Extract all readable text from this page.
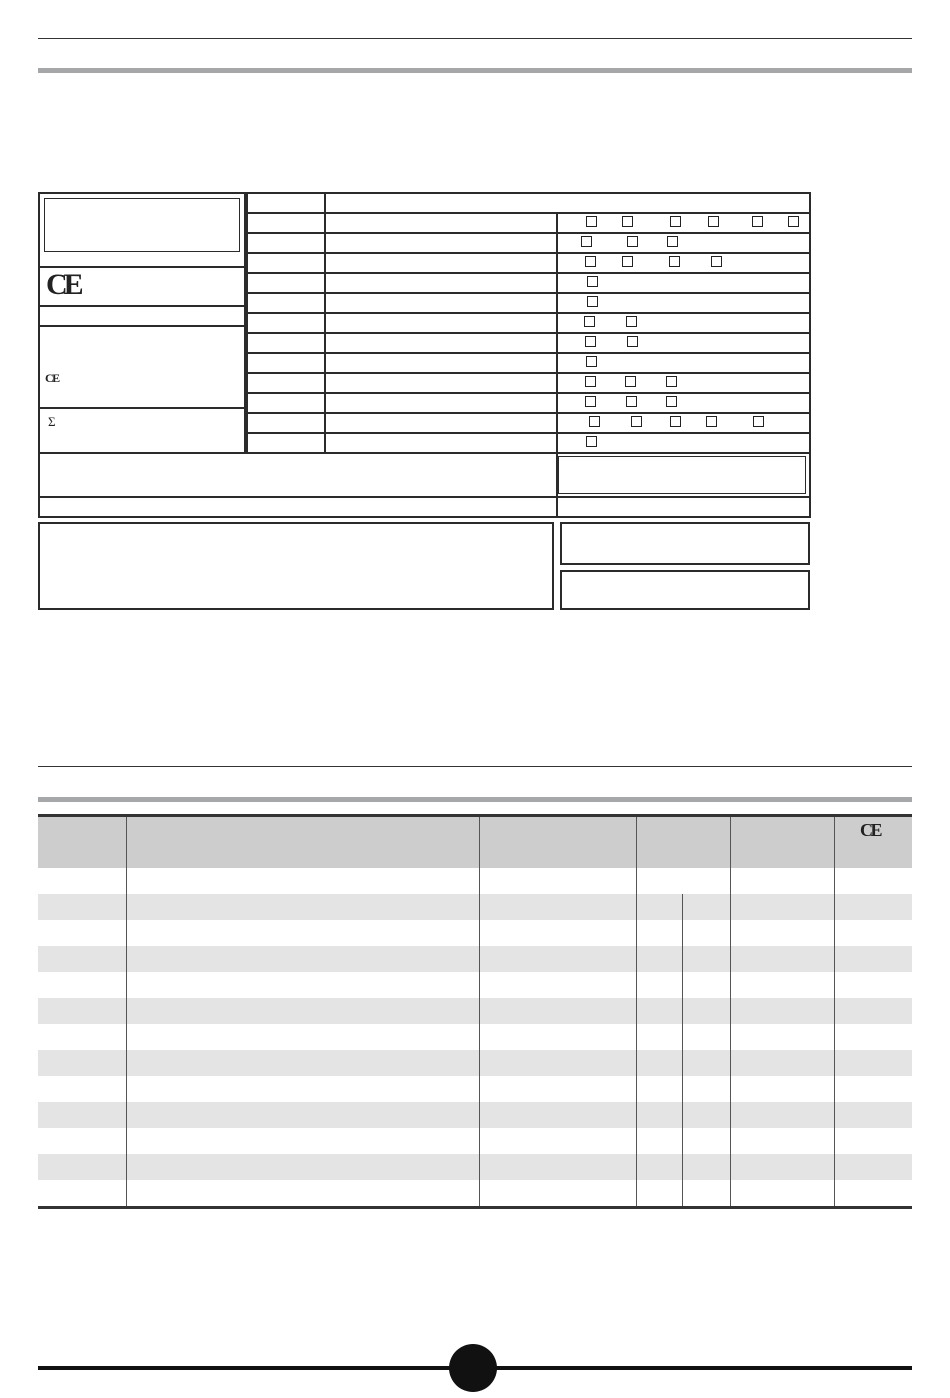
CE
CE
Σ
CE
